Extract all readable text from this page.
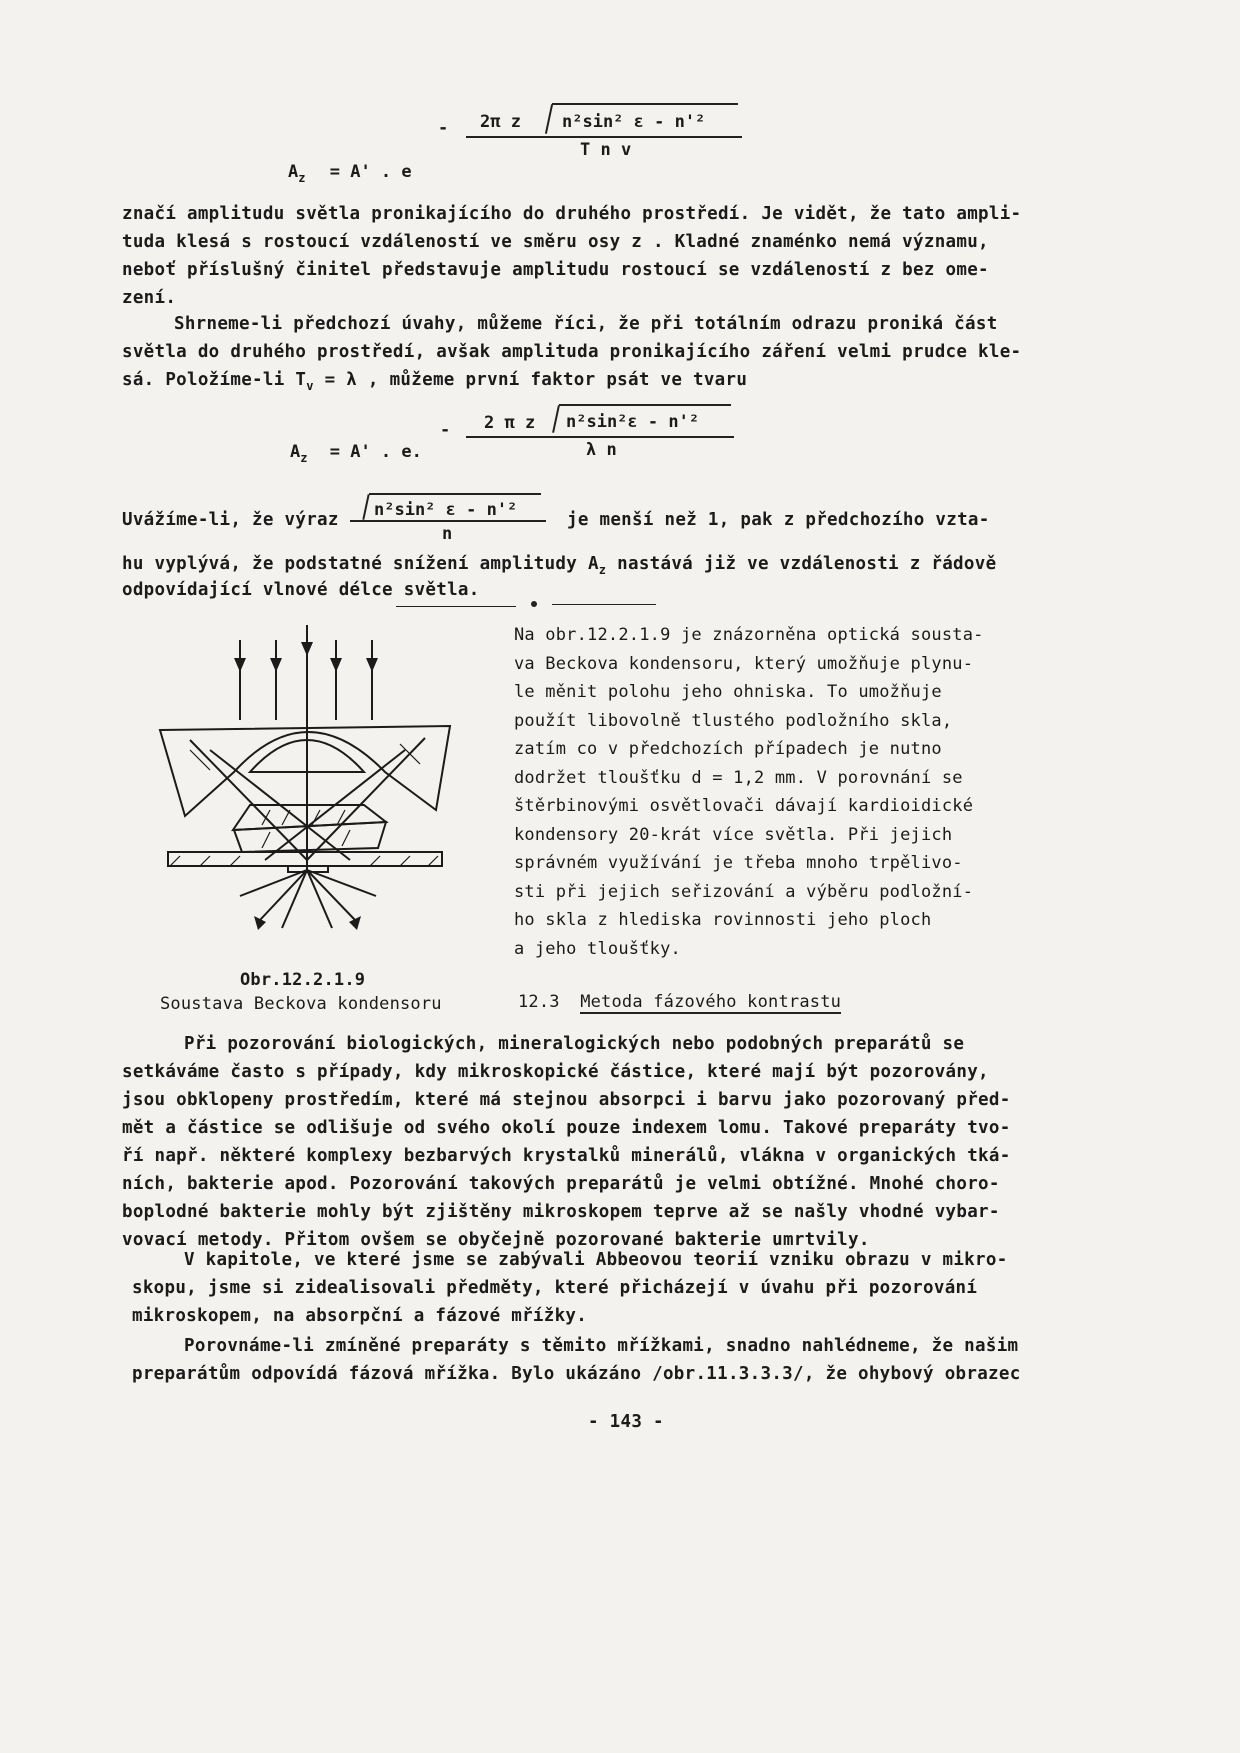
$A_z = A'$ . e
- 2π z n²sin² ε - n'²
T n v
značí amplitudu světla pronikajícího do druhého prostředí. Je vidět, že tato ampli-
tuda klesá s rostoucí vzdáleností ve směru osy z . Kladné znaménko nemá významu,
neboť příslušný činitel představuje amplitudu rostoucí se vzdáleností z bez ome-
zení.
Shrneme-li předchozí úvahy, můžeme říci, že při totálním odrazu proniká část
světla do druhého prostředí, avšak amplituda pronikajícího záření velmi prudce kle-
sá. Položíme-li $T_v = \lambda$ , můžeme první faktor psát ve tvaru
$A_z = A'$ . e.
- 2 π z n²sin²ε - n'²
λ n
Uvážíme-li, že výraz n²sin² ε - n'²
n
je menší než 1, pak z předchozího vzta-
hu vyplývá, že podstatné snížení amplitudy $A_z$ nastává již ve vzdálenosti z řádově
odpovídající vlnové délce světla.
Obr.12.2.1.9
Soustava Beckova kondensoru
Na obr.12.2.1.9 je znázorněna optická sousta-
va Beckova kondensoru, který umožňuje plynu-
le měnit polohu jeho ohniska. To umožňuje
použít libovolně tlustého podložního skla,
zatím co v předchozích případech je nutno
dodržet tloušťku d = 1,2 mm. V porovnání se
štěrbinovými osvětlovači dávají kardioidické
kondensory 20-krát více světla. Při jejich
správném využívání je třeba mnoho trpělivo-
sti při jejich seřizování a výběru podložní-
ho skla z hlediska rovinnosti jeho ploch
a jeho tloušťky.
12.3 Metoda fázového kontrastu
Při pozorování biologických, mineralogických nebo podobných preparátů se
setkáváme často s případy, kdy mikroskopické částice, které mají být pozorovány,
jsou obklopeny prostředím, které má stejnou absorpci i barvu jako pozorovaný před-
mět a částice se odlišuje od svého okolí pouze indexem lomu. Takové preparáty tvo-
ří např. některé komplexy bezbarvých krystalků minerálů, vlákna v organických tká-
ních, bakterie apod. Pozorování takových preparátů je velmi obtížné. Mnohé choro-
boplodné bakterie mohly být zjištěny mikroskopem teprve až se našly vhodné vybar-
vovací metody. Přitom ovšem se obyčejně pozorované bakterie umrtvily.
V kapitole, ve které jsme se zabývali Abbeovou teorií vzniku obrazu v mikro-
skopu, jsme si zidealisovali předměty, které přicházejí v úvahu při pozorování
mikroskopem, na absorpční a fázové mřížky.
Porovnáme-li zmíněné preparáty s těmito mřížkami, snadno nahlédneme, že našim
preparátům odpovídá fázová mřížka. Bylo ukázáno /obr.11.3.3.3/, že ohybový obrazec
- 143 -
